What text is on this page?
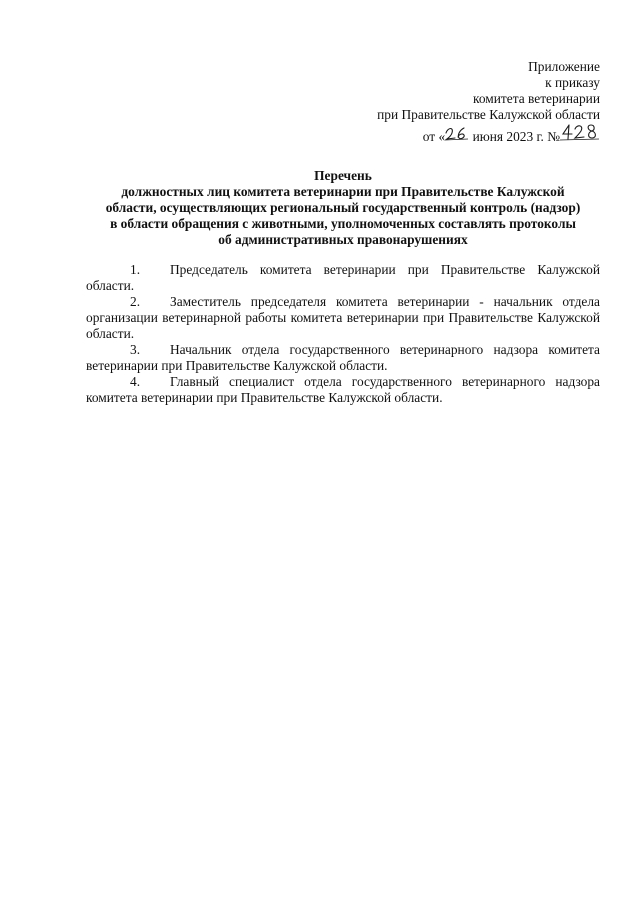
Приложение
к приказу
комитета ветеринарии
при Правительстве Калужской области
от « июня 2023 г. №
Перечень
должностных лиц комитета ветеринарии при Правительстве Калужской
области, осуществляющих региональный государственный контроль (надзор)
в области обращения с животными, уполномоченных составлять протоколы
об административных правонарушениях

1. Председатель комитета ветеринарии при Правительстве Калужской области.

2. Заместитель председателя комитета ветеринарии - начальник отдела организации ветеринарной работы комитета ветеринарии при Правительстве Калужской области.

3. Начальник отдела государственного ветеринарного надзора комитета ветеринарии при Правительстве Калужской области.

4. Главный специалист отдела государственного ветеринарного надзора комитета ветеринарии при Правительстве Калужской области.
